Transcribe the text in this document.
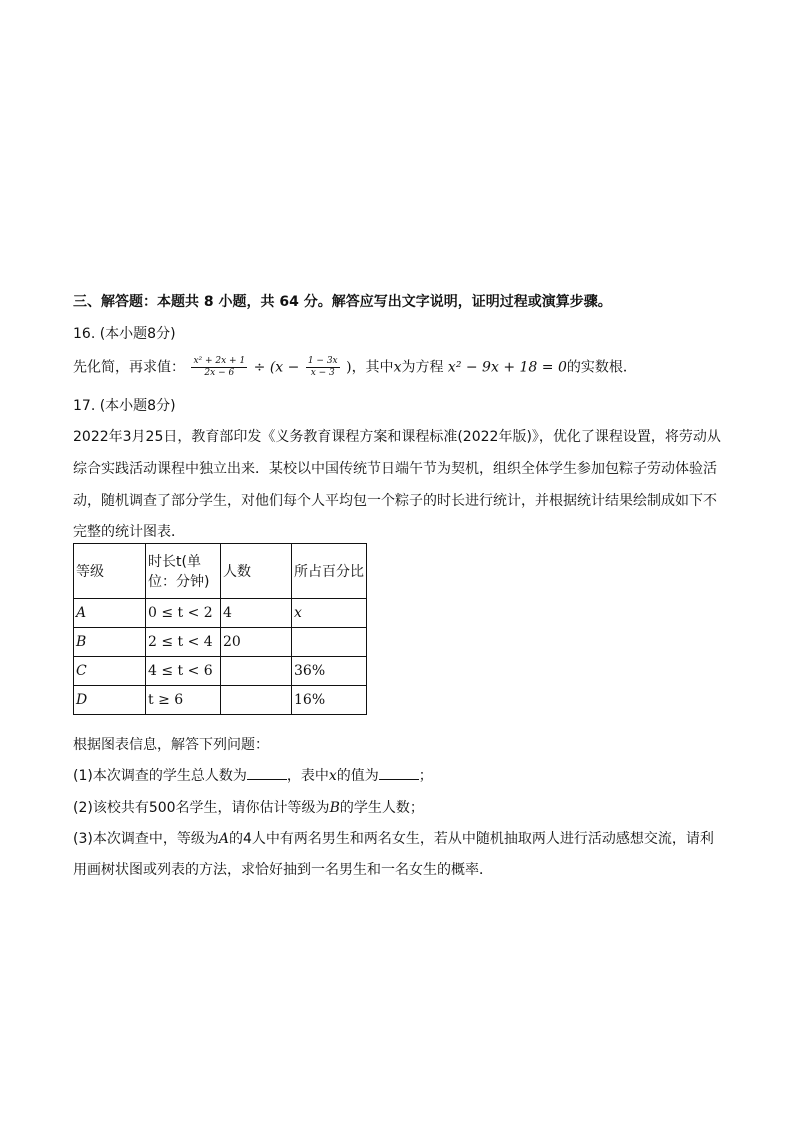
三、解答题：本题共 8 小题，共 64 分。解答应写出文字说明，证明过程或演算步骤。
16. (本小题8分)
先化简，再求值： $\frac{\text{x² + 2x + 1}}{2x - 6} \div (x - \frac{1 - 3x}{x - 3}$ )，其中x为方程 x² − 9x + 18 = 0的实数根．
17. (本小题8分)
2022年3月25日，教育部印发《义务教育课程方案和课程标准(2022年版)》，优化了课程设置，将劳动从
综合实践活动课程中独立出来．某校以中国传统节日端午节为契机，组织全体学生参加包粽子劳动体验活
动，随机调查了部分学生，对他们每个人平均包一个粽子的时长进行统计，并根据统计结果绘制成如下不
完整的统计图表．
等级	时长t(单
位：分钟)	人数	所占百分比
A	0 ≤ t < 2	4	x
B	2 ≤ t < 4	20	
C	4 ≤ t < 6		36%
D	t ≥ 6		16%
根据图表信息，解答下列问题：
(1)本次调查的学生总人数为	，表中x的值为	；
(2)该校共有500名学生，请你估计等级为B的学生人数；
(3)本次调查中，等级为A的4人中有两名男生和两名女生，若从中随机抽取两人进行活动感想交流，请利
用画树状图或列表的方法，求恰好抽到一名男生和一名女生的概率．
